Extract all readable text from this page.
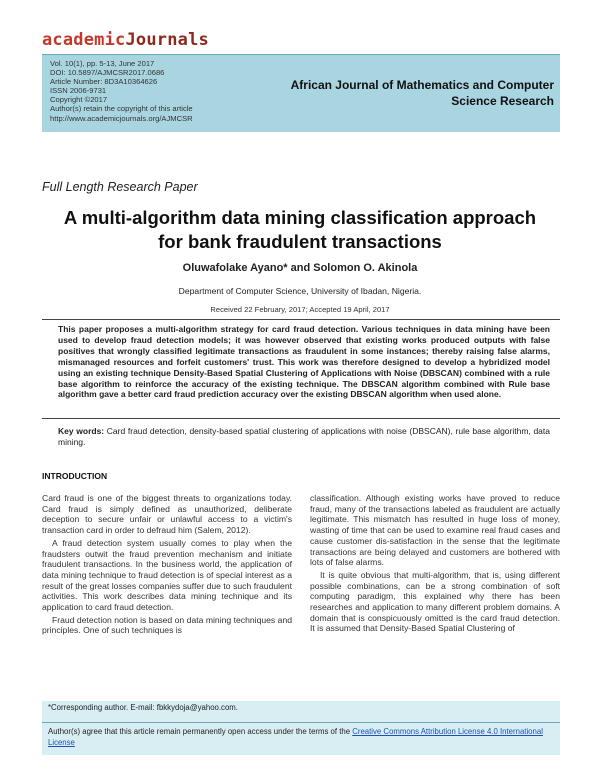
academicJournals
Vol. 10(1), pp. 5-13, June 2017
DOI: 10.5897/AJMCSR2017.0686
Article Number: 8D3A10364626
ISSN 2006-9731
Copyright ©2017
Author(s) retain the copyright of this article
http://www.academicjournals.org/AJMCSR
African Journal of Mathematics and Computer
Science Research
Full Length Research Paper
A multi-algorithm data mining classification approach
for bank fraudulent transactions
Oluwafolake Ayano* and Solomon O. Akinola
Department of Computer Science, University of Ibadan, Nigeria.
Received 22 February, 2017; Accepted 19 April, 2017
This paper proposes a multi-algorithm strategy for card fraud detection. Various techniques in data mining have been used to develop fraud detection models; it was however observed that existing works produced outputs with false positives that wrongly classified legitimate transactions as fraudulent in some instances; thereby raising false alarms, mismanaged resources and forfeit customers' trust. This work was therefore designed to develop a hybridized model using an existing technique Density-Based Spatial Clustering of Applications with Noise (DBSCAN) combined with a rule base algorithm to reinforce the accuracy of the existing technique. The DBSCAN algorithm combined with Rule base algorithm gave a better card fraud prediction accuracy over the existing DBSCAN algorithm when used alone.
Key words: Card fraud detection, density-based spatial clustering of applications with noise (DBSCAN), rule base algorithm, data mining.
INTRODUCTION

Card fraud is one of the biggest threats to organizations today. Card fraud is simply defined as unauthorized, deliberate deception to secure unfair or unlawful access to a victim's transaction card in order to defraud him (Salem, 2012).

A fraud detection system usually comes to play when the fraudsters outwit the fraud prevention mechanism and initiate fraudulent transactions. In the business world, the application of data mining technique to fraud detection is of special interest as a result of the great losses companies suffer due to such fraudulent activities. This work describes data mining technique and its application to card fraud detection.

Fraud detection notion is based on data mining techniques and principles. One of such techniques is

classification. Although existing works have proved to reduce fraud, many of the transactions labeled as fraudulent are actually legitimate. This mismatch has resulted in huge loss of money, wasting of time that can be used to examine real fraud cases and cause customer dis-satisfaction in the sense that the legitimate transactions are being delayed and customers are bothered with lots of false alarms.

It is quite obvious that multi-algorithm, that is, using different possible combinations, can be a strong combination of soft computing paradigm, this explained why there has been researches and application to many different problem domains. A domain that is conspicuously omitted is the card fraud detection. It is assumed that Density-Based Spatial Clustering of

*Corresponding author. E-mail: fbkkydoja@yahoo.com.
Author(s) agree that this article remain permanently open access under the terms of the Creative Commons Attribution License 4.0 International License
